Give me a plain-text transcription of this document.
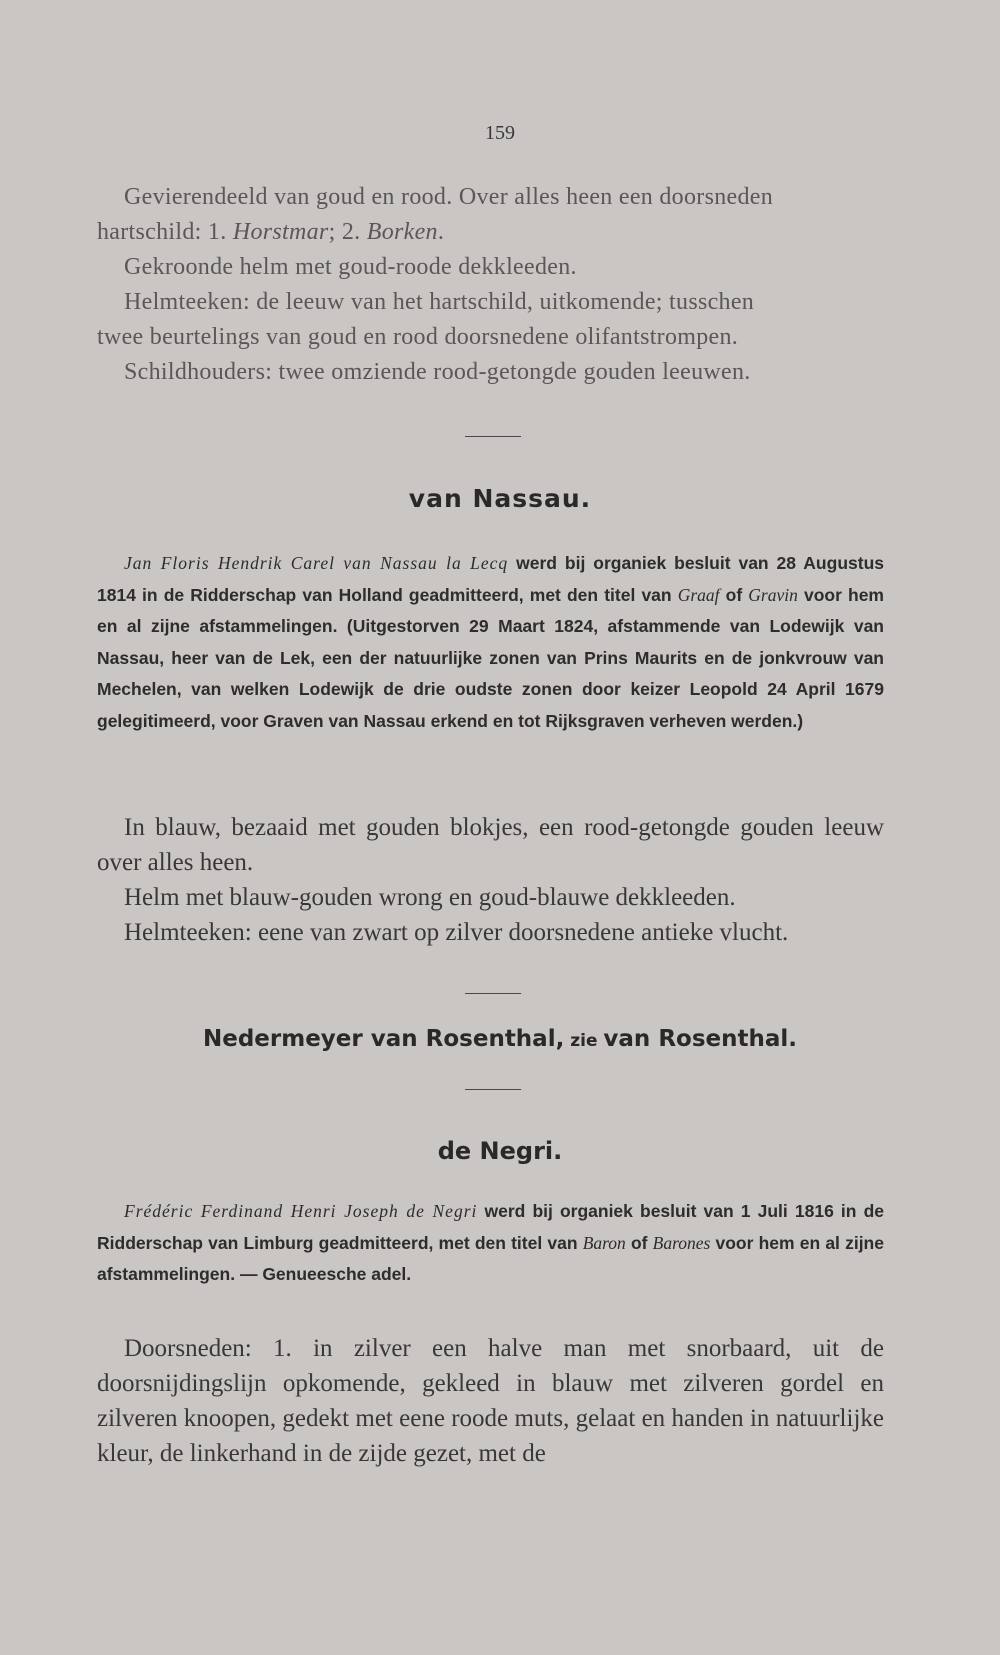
159
Gevierendeeld van goud en rood. Over alles heen een doorsneden
hartschild: 1. Horstmar; 2. Borken.
Gekroonde helm met goud-roode dekkleeden.
Helmteeken: de leeuw van het hartschild, uitkomende; tusschen
twee beurtelings van goud en rood doorsnedene olifantstrompen.
Schildhouders: twee omziende rood-getongde gouden leeuwen.
van Nassau.

Jan Floris Hendrik Carel van Nassau la Lecq werd bij organiek besluit van 28 Augustus 1814 in de Ridderschap van Holland geadmitteerd, met den titel van Graaf of Gravin voor hem en al zijne afstammelingen. (Uitgestorven 29 Maart 1824, afstammende van Lodewijk van Nassau, heer van de Lek, een der natuurlijke zonen van Prins Maurits en de jonkvrouw van Mechelen, van welken Lodewijk de drie oudste zonen door keizer Leopold 24 April 1679 gelegitimeerd, voor Graven van Nassau erkend en tot Rijksgraven verheven werden.)

In blauw, bezaaid met gouden blokjes, een rood-getongde gouden leeuw over alles heen.

Helm met blauw-gouden wrong en goud-blauwe dekkleeden.

Helmteeken: eene van zwart op zilver doorsnedene antieke vlucht.

Nedermeyer van Rosenthal, zie van Rosenthal.
de Negri.

Frédéric Ferdinand Henri Joseph de Negri werd bij organiek besluit van 1 Juli 1816 in de Ridderschap van Limburg geadmitteerd, met den titel van Baron of Barones voor hem en al zijne afstammelingen. — Genueesche adel.

Doorsneden: 1. in zilver een halve man met snorbaard, uit de doorsnijdingslijn opkomende, gekleed in blauw met zilveren gordel en zilveren knoopen, gedekt met eene roode muts, gelaat en handen in natuurlijke kleur, de linkerhand in de zijde gezet, met de
